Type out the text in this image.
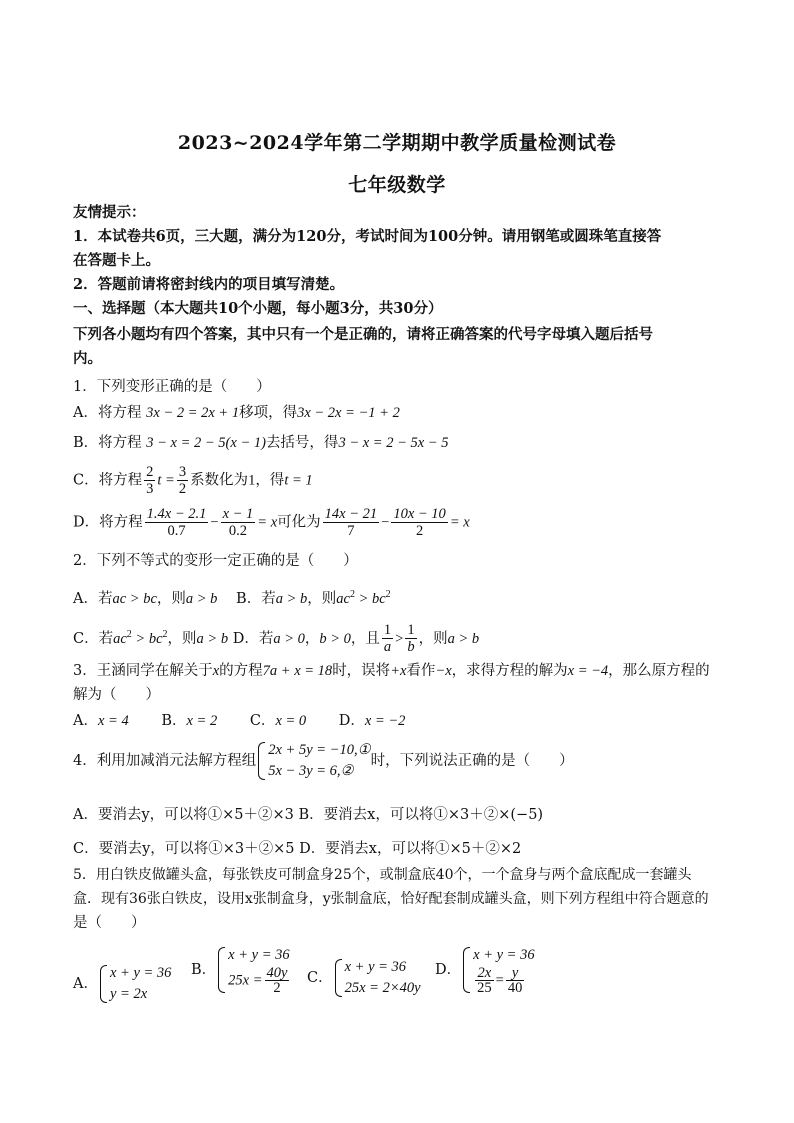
2023~2024学年第二学期期中教学质量检测试卷
七年级数学
友情提示：
1．本试卷共6页，三大题，满分为120分，考试时间为100分钟。请用钢笔或圆珠笔直接答
在答题卡上。
2．答题前请将密封线内的项目填写清楚。
一、选择题（本大题共10个小题，每小题3分，共30分）
下列各小题均有四个答案，其中只有一个是正确的，请将正确答案的代号字母填入题后括号
内。
1．下列变形正确的是（　　）
A．将方程 3x − 2 = 2x + 1移项，得3x − 2x = −1 + 2
B．将方程 3 − x = 2 − 5(x − 1)去括号，得3 − x = 2 − 5x − 5
C．将方程 $\frac{2}{3}$ $t = \frac{3}{2}$ 系数化为1，得t = 1
D．将方程 $\frac{1.4x - 2.1}{0.7} - \frac{x - 1}{0.2} = x$可化为 $\frac{14x - 21}{7} - \frac{10x - 10}{2} = x$
2．下列不等式的变形一定正确的是（　　）
A．若ac > bc，则a > b B．若a > b，则$ac^2 > bc^2$
C．若$ac^2 > bc^2$，则a > b D．若a > 0，b > 0，且 $\frac{1}{a} > \frac{1}{b}$ ，则a > b
3．王涵同学在解关于x的方程7a + x = 18时，误将+x看作−x，求得方程的解为x = −4，那么原方程的
解为（　　）
A．x = 4 B．x = 2 C．x = 0 D．x = −2
4．利用加减消元法解方程组
2x + 5y = −10,①
5x − 3y = 6,②
时，下列说法正确的是（　　）
A．要消去y，可以将①×5＋②×3 B．要消去x，可以将①×3＋②×(−5)
C．要消去y，可以将①×3＋②×5 D．要消去x，可以将①×5＋②×2
5．用白铁皮做罐头盒，每张铁皮可制盒身25个，或制盒底40个，一个盒身与两个盒底配成一套罐头
盒．现有36张白铁皮，设用x张制盒身，y张制盒底，恰好配套制成罐头盒，则下列方程组中符合题意的
是（　　）
A．
x + y = 36
y = 2x
B．
x + y = 36
$25x = \frac{40y}{2}$ C．
x + y = 36
25x = 2×40y
D．
x + y = 36
$\frac{2x}{25} = \frac{y}{40}$
